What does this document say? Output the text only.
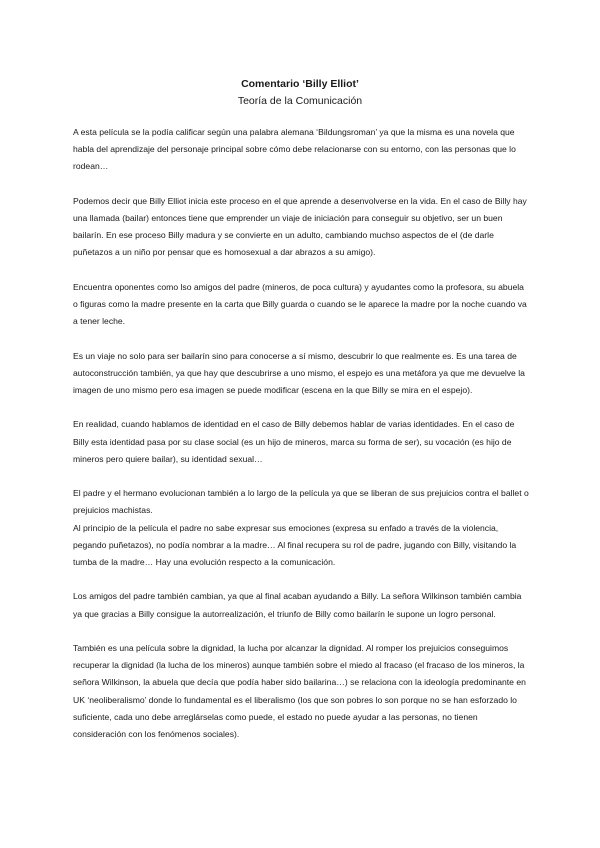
Comentario ‘Billy Elliot’
Teoría de la Comunicación

A esta película se la podía calificar según una palabra alemana ‘Bildungsroman’ ya que la misma es una novela que habla del aprendizaje del personaje principal sobre cómo debe relacionarse con su entorno, con las personas que lo rodean…

Podemos decir que Billy Elliot inicia este proceso en el que aprende a desenvolverse en la vida. En el caso de Billy hay una llamada (bailar) entonces tiene que emprender un viaje de iniciación para conseguir su objetivo, ser un buen bailarín. En ese proceso Billy madura y se convierte en un adulto, cambiando muchso aspectos de el (de darle puñetazos a un niño por pensar que es homosexual a dar abrazos a su amigo).

Encuentra oponentes como lso amigos del padre (mineros, de poca cultura) y ayudantes como la profesora, su abuela o figuras como la madre presente en la carta que Billy guarda o cuando se le aparece la madre por la noche cuando va a tener leche.

Es un viaje no solo para ser bailarín sino para conocerse a sí mismo, descubrir lo que realmente es. Es una tarea de autoconstrucción también, ya que hay que descubrirse a uno mismo, el espejo es una metáfora ya que me devuelve la imagen de uno mismo pero esa imagen se puede modificar (escena en la que Billy se mira en el espejo).

En realidad, cuando hablamos de identidad en el caso de Billy debemos hablar de varias identidades. En el caso de Billy esta identidad pasa por su clase social (es un hijo de mineros, marca su forma de ser), su vocación (es hijo de mineros pero quiere bailar), su identidad sexual…

El padre y el hermano evolucionan también a lo largo de la película ya que se liberan de sus prejuicios contra el ballet o prejuicios machistas.

Al principio de la película el padre no sabe expresar sus emociones (expresa su enfado a través de la violencia, pegando puñetazos), no podía nombrar a la madre… Al final recupera su rol de padre, jugando con Billy, visitando la tumba de la madre… Hay una evolución respecto a la comunicación.

Los amigos del padre también cambian, ya que al final acaban ayudando a Billy. La señora Wilkinson también cambia ya que gracias a Billy consigue la autorrealización, el triunfo de Billy como bailarín le supone un logro personal.

También es una película sobre la dignidad, la lucha por alcanzar la dignidad. Al romper los prejuicios conseguimos recuperar la dignidad (la lucha de los mineros) aunque también sobre el miedo al fracaso (el fracaso de los mineros, la señora Wilkinson, la abuela que decía que podía haber sido bailarina…) se relaciona con la ideología predominante en UK ‘neoliberalismo’ donde lo fundamental es el liberalismo (los que son pobres lo son porque no se han esforzado lo suficiente, cada uno debe arreglárselas como puede, el estado no puede ayudar a las personas, no tienen consideración con los fenómenos sociales).
